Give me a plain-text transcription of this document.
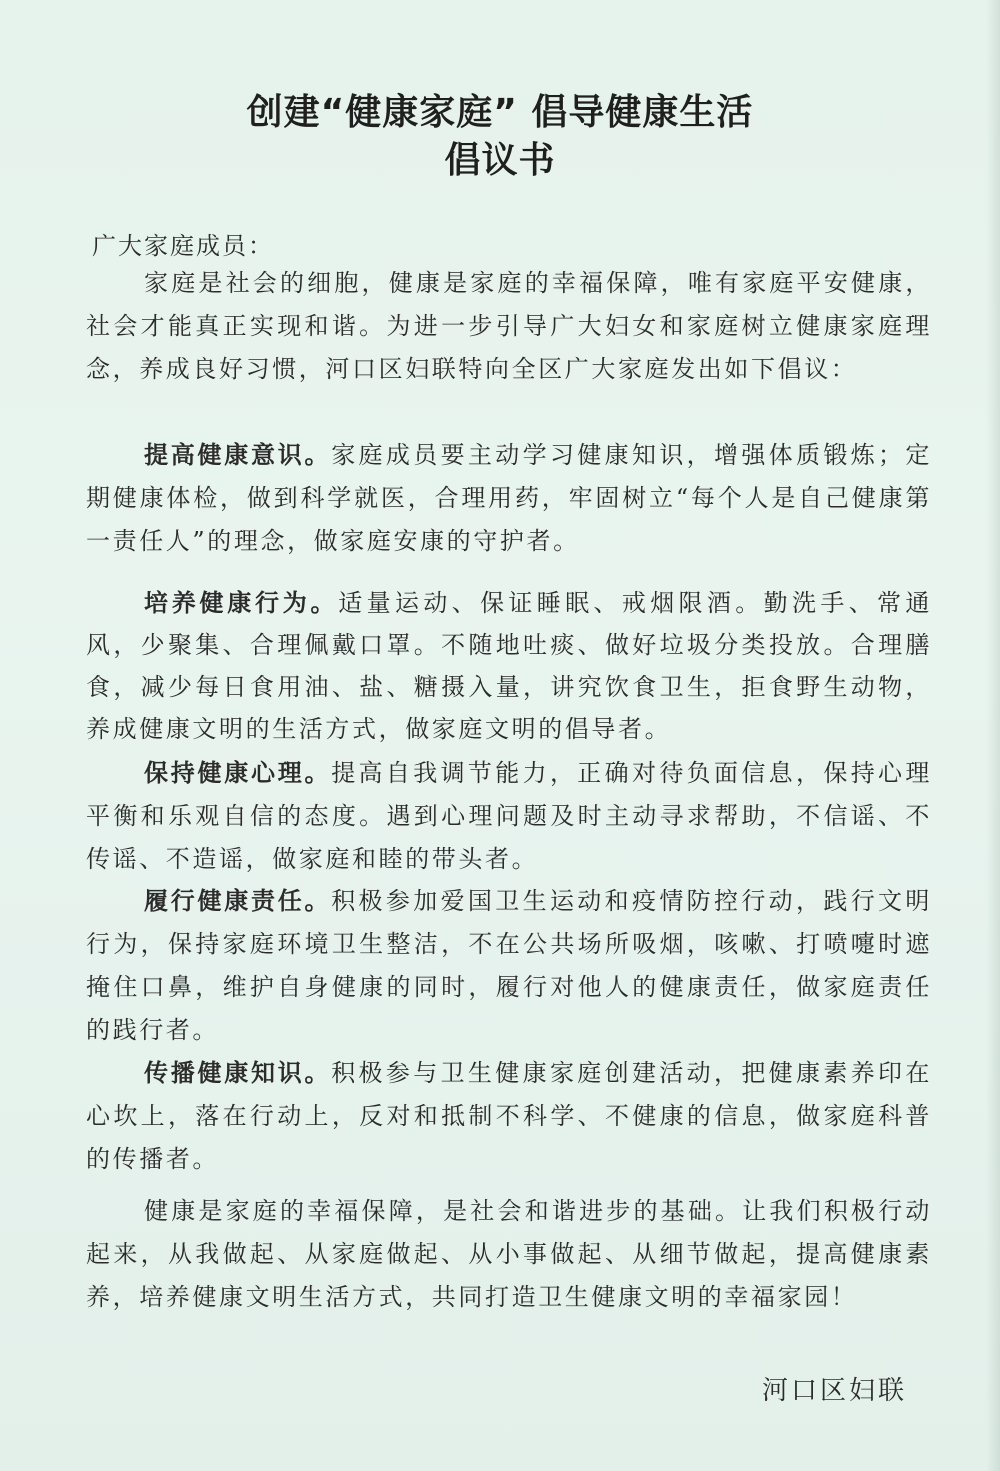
创建“健康家庭” 倡导健康生活
倡议书
广大家庭成员：
家庭是社会的细胞，健康是家庭的幸福保障，唯有家庭平安健康，社会才能真正实现和谐。为进一步引导广大妇女和家庭树立健康家庭理念，养成良好习惯，河口区妇联特向全区广大家庭发出如下倡议：
提高健康意识。家庭成员要主动学习健康知识，增强体质锻炼；定期健康体检，做到科学就医，合理用药，牢固树立“每个人是自己健康第一责任人”的理念，做家庭安康的守护者。
培养健康行为。适量运动、保证睡眠、戒烟限酒。勤洗手、常通风，少聚集、合理佩戴口罩。不随地吐痰、做好垃圾分类投放。合理膳食，减少每日食用油、盐、糖摄入量，讲究饮食卫生，拒食野生动物，养成健康文明的生活方式，做家庭文明的倡导者。
保持健康心理。提高自我调节能力，正确对待负面信息，保持心理平衡和乐观自信的态度。遇到心理问题及时主动寻求帮助，不信谣、不传谣、不造谣，做家庭和睦的带头者。
履行健康责任。积极参加爱国卫生运动和疫情防控行动，践行文明行为，保持家庭环境卫生整洁，不在公共场所吸烟，咳嗽、打喷嚏时遮掩住口鼻，维护自身健康的同时，履行对他人的健康责任，做家庭责任的践行者。
传播健康知识。积极参与卫生健康家庭创建活动，把健康素养印在心坎上，落在行动上，反对和抵制不科学、不健康的信息，做家庭科普的传播者。
健康是家庭的幸福保障，是社会和谐进步的基础。让我们积极行动起来，从我做起、从家庭做起、从小事做起、从细节做起，提高健康素养，培养健康文明生活方式，共同打造卫生健康文明的幸福家园！
河口区妇联
